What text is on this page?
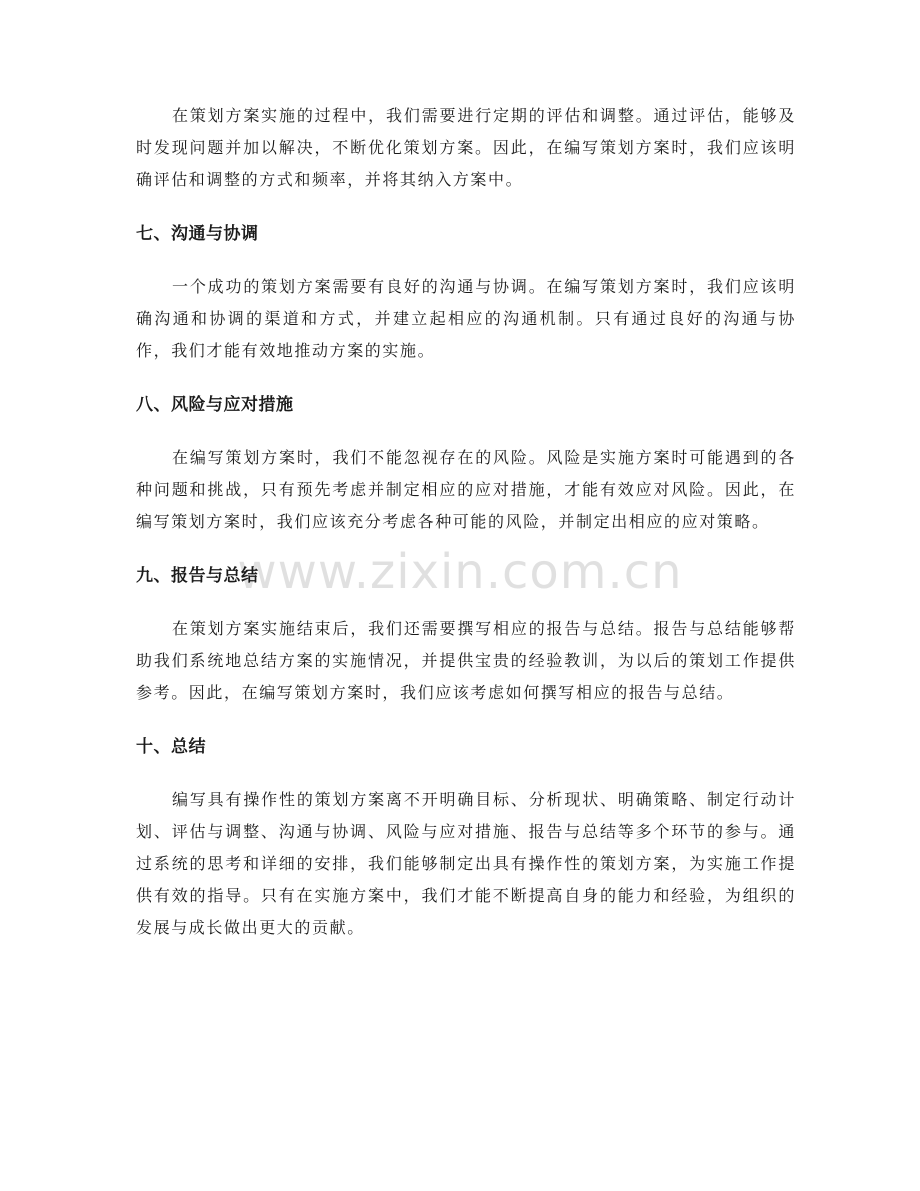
在策划方案实施的过程中，我们需要进行定期的评估和调整。通过评估，能够及时发现问题并加以解决，不断优化策划方案。因此，在编写策划方案时，我们应该明确评估和调整的方式和频率，并将其纳入方案中。

七、沟通与协调

一个成功的策划方案需要有良好的沟通与协调。在编写策划方案时，我们应该明确沟通和协调的渠道和方式，并建立起相应的沟通机制。只有通过良好的沟通与协作，我们才能有效地推动方案的实施。

八、风险与应对措施

在编写策划方案时，我们不能忽视存在的风险。风险是实施方案时可能遇到的各种问题和挑战，只有预先考虑并制定相应的应对措施，才能有效应对风险。因此，在编写策划方案时，我们应该充分考虑各种可能的风险，并制定出相应的应对策略。

九、报告与总结

在策划方案实施结束后，我们还需要撰写相应的报告与总结。报告与总结能够帮助我们系统地总结方案的实施情况，并提供宝贵的经验教训，为以后的策划工作提供参考。因此，在编写策划方案时，我们应该考虑如何撰写相应的报告与总结。

十、总结

编写具有操作性的策划方案离不开明确目标、分析现状、明确策略、制定行动计划、评估与调整、沟通与协调、风险与应对措施、报告与总结等多个环节的参与。通过系统的思考和详细的安排，我们能够制定出具有操作性的策划方案，为实施工作提供有效的指导。只有在实施方案中，我们才能不断提高自身的能力和经验，为组织的发展与成长做出更大的贡献。

www.zixin.com.cn
